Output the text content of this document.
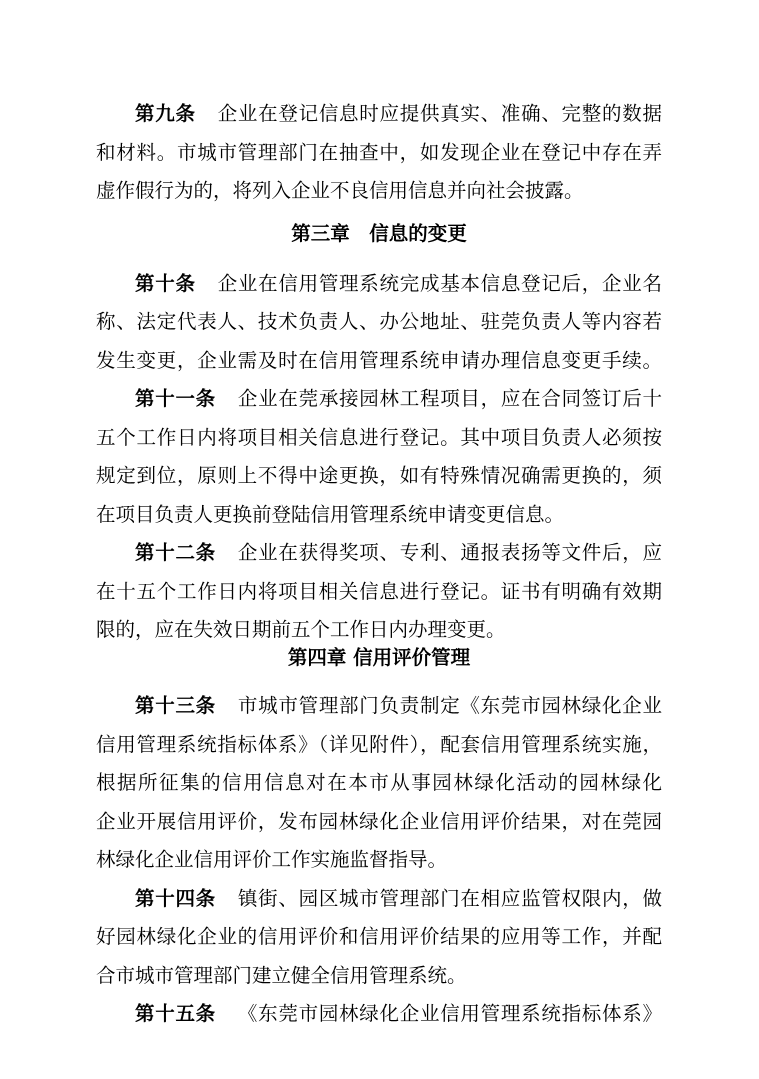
第九条 企业在登记信息时应提供真实、准确、完整的数据
和材料。市城市管理部门在抽查中，如发现企业在登记中存在弄
虚作假行为的，将列入企业不良信用信息并向社会披露。
第三章　信息的变更
第十条 企业在信用管理系统完成基本信息登记后，企业名
称、法定代表人、技术负责人、办公地址、驻莞负责人等内容若
发生变更，企业需及时在信用管理系统申请办理信息变更手续。
第十一条 企业在莞承接园林工程项目，应在合同签订后十
五个工作日内将项目相关信息进行登记。其中项目负责人必须按
规定到位，原则上不得中途更换，如有特殊情况确需更换的，须
在项目负责人更换前登陆信用管理系统申请变更信息。
第十二条 企业在获得奖项、专利、通报表扬等文件后，应
在十五个工作日内将项目相关信息进行登记。证书有明确有效期
限的，应在失效日期前五个工作日内办理变更。
第四章 信用评价管理
第十三条 市城市管理部门负责制定《东莞市园林绿化企业
信用管理系统指标体系》（详见附件），配套信用管理系统实施，
根据所征集的信用信息对在本市从事园林绿化活动的园林绿化
企业开展信用评价，发布园林绿化企业信用评价结果，对在莞园
林绿化企业信用评价工作实施监督指导。
第十四条 镇街、园区城市管理部门在相应监管权限内，做
好园林绿化企业的信用评价和信用评价结果的应用等工作，并配
合市城市管理部门建立健全信用管理系统。
第十五条 《东莞市园林绿化企业信用管理系统指标体系》
